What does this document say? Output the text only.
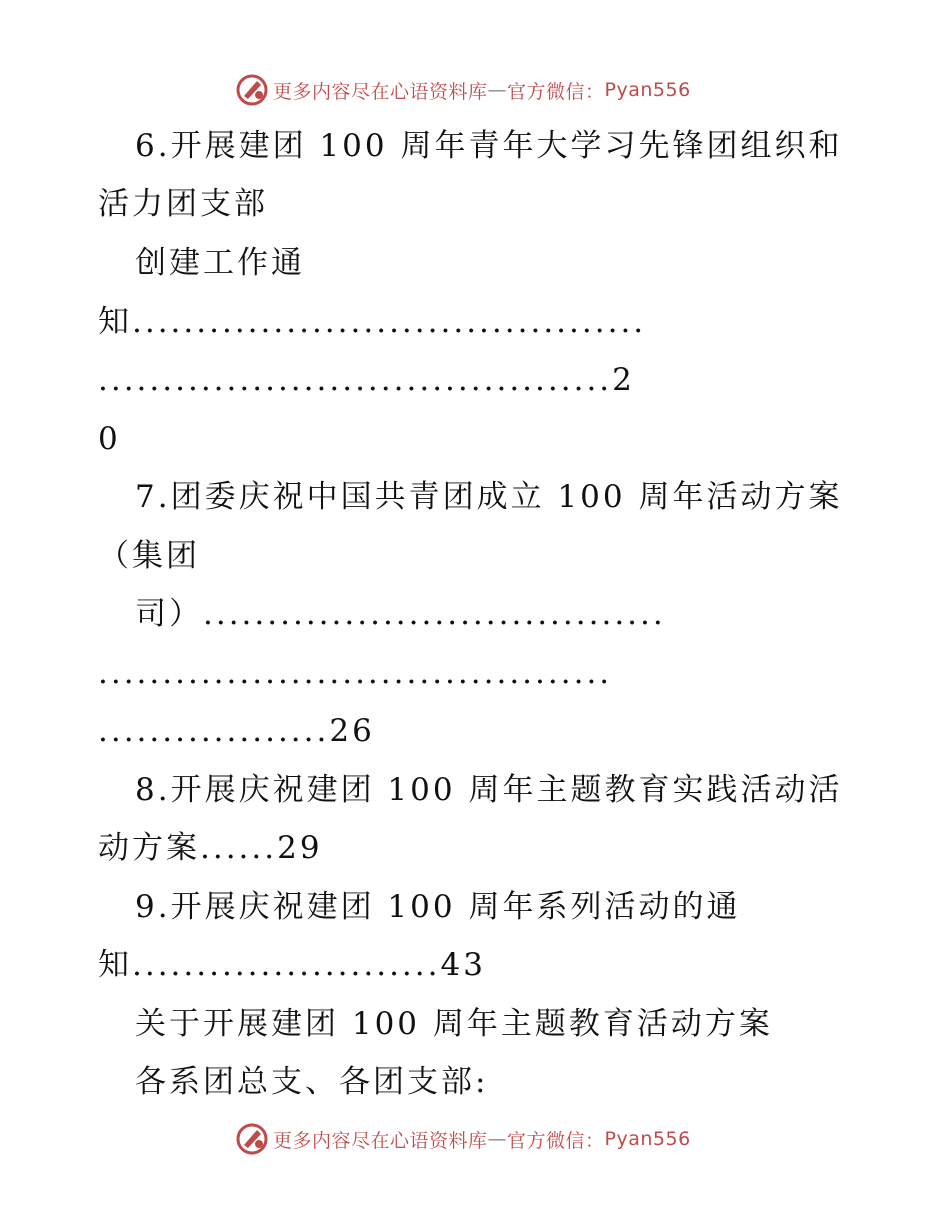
更多内容尽在心语资料库 — 官方微信： Pyan556
6.开展建团 100 周年青年大学习先锋团组织和
活力团支部
创建工作通
知........................................
........................................2
0
7.团委庆祝中国共青团成立 100 周年活动方案
（集团
司）....................................
........................................
..................26
8.开展庆祝建团 100 周年主题教育实践活动活
动方案......29
9.开展庆祝建团 100 周年系列活动的通
知........................43
关于开展建团 100 周年主题教育活动方案
各系团总支、各团支部:
更多内容尽在心语资料库 — 官方微信： Pyan556
